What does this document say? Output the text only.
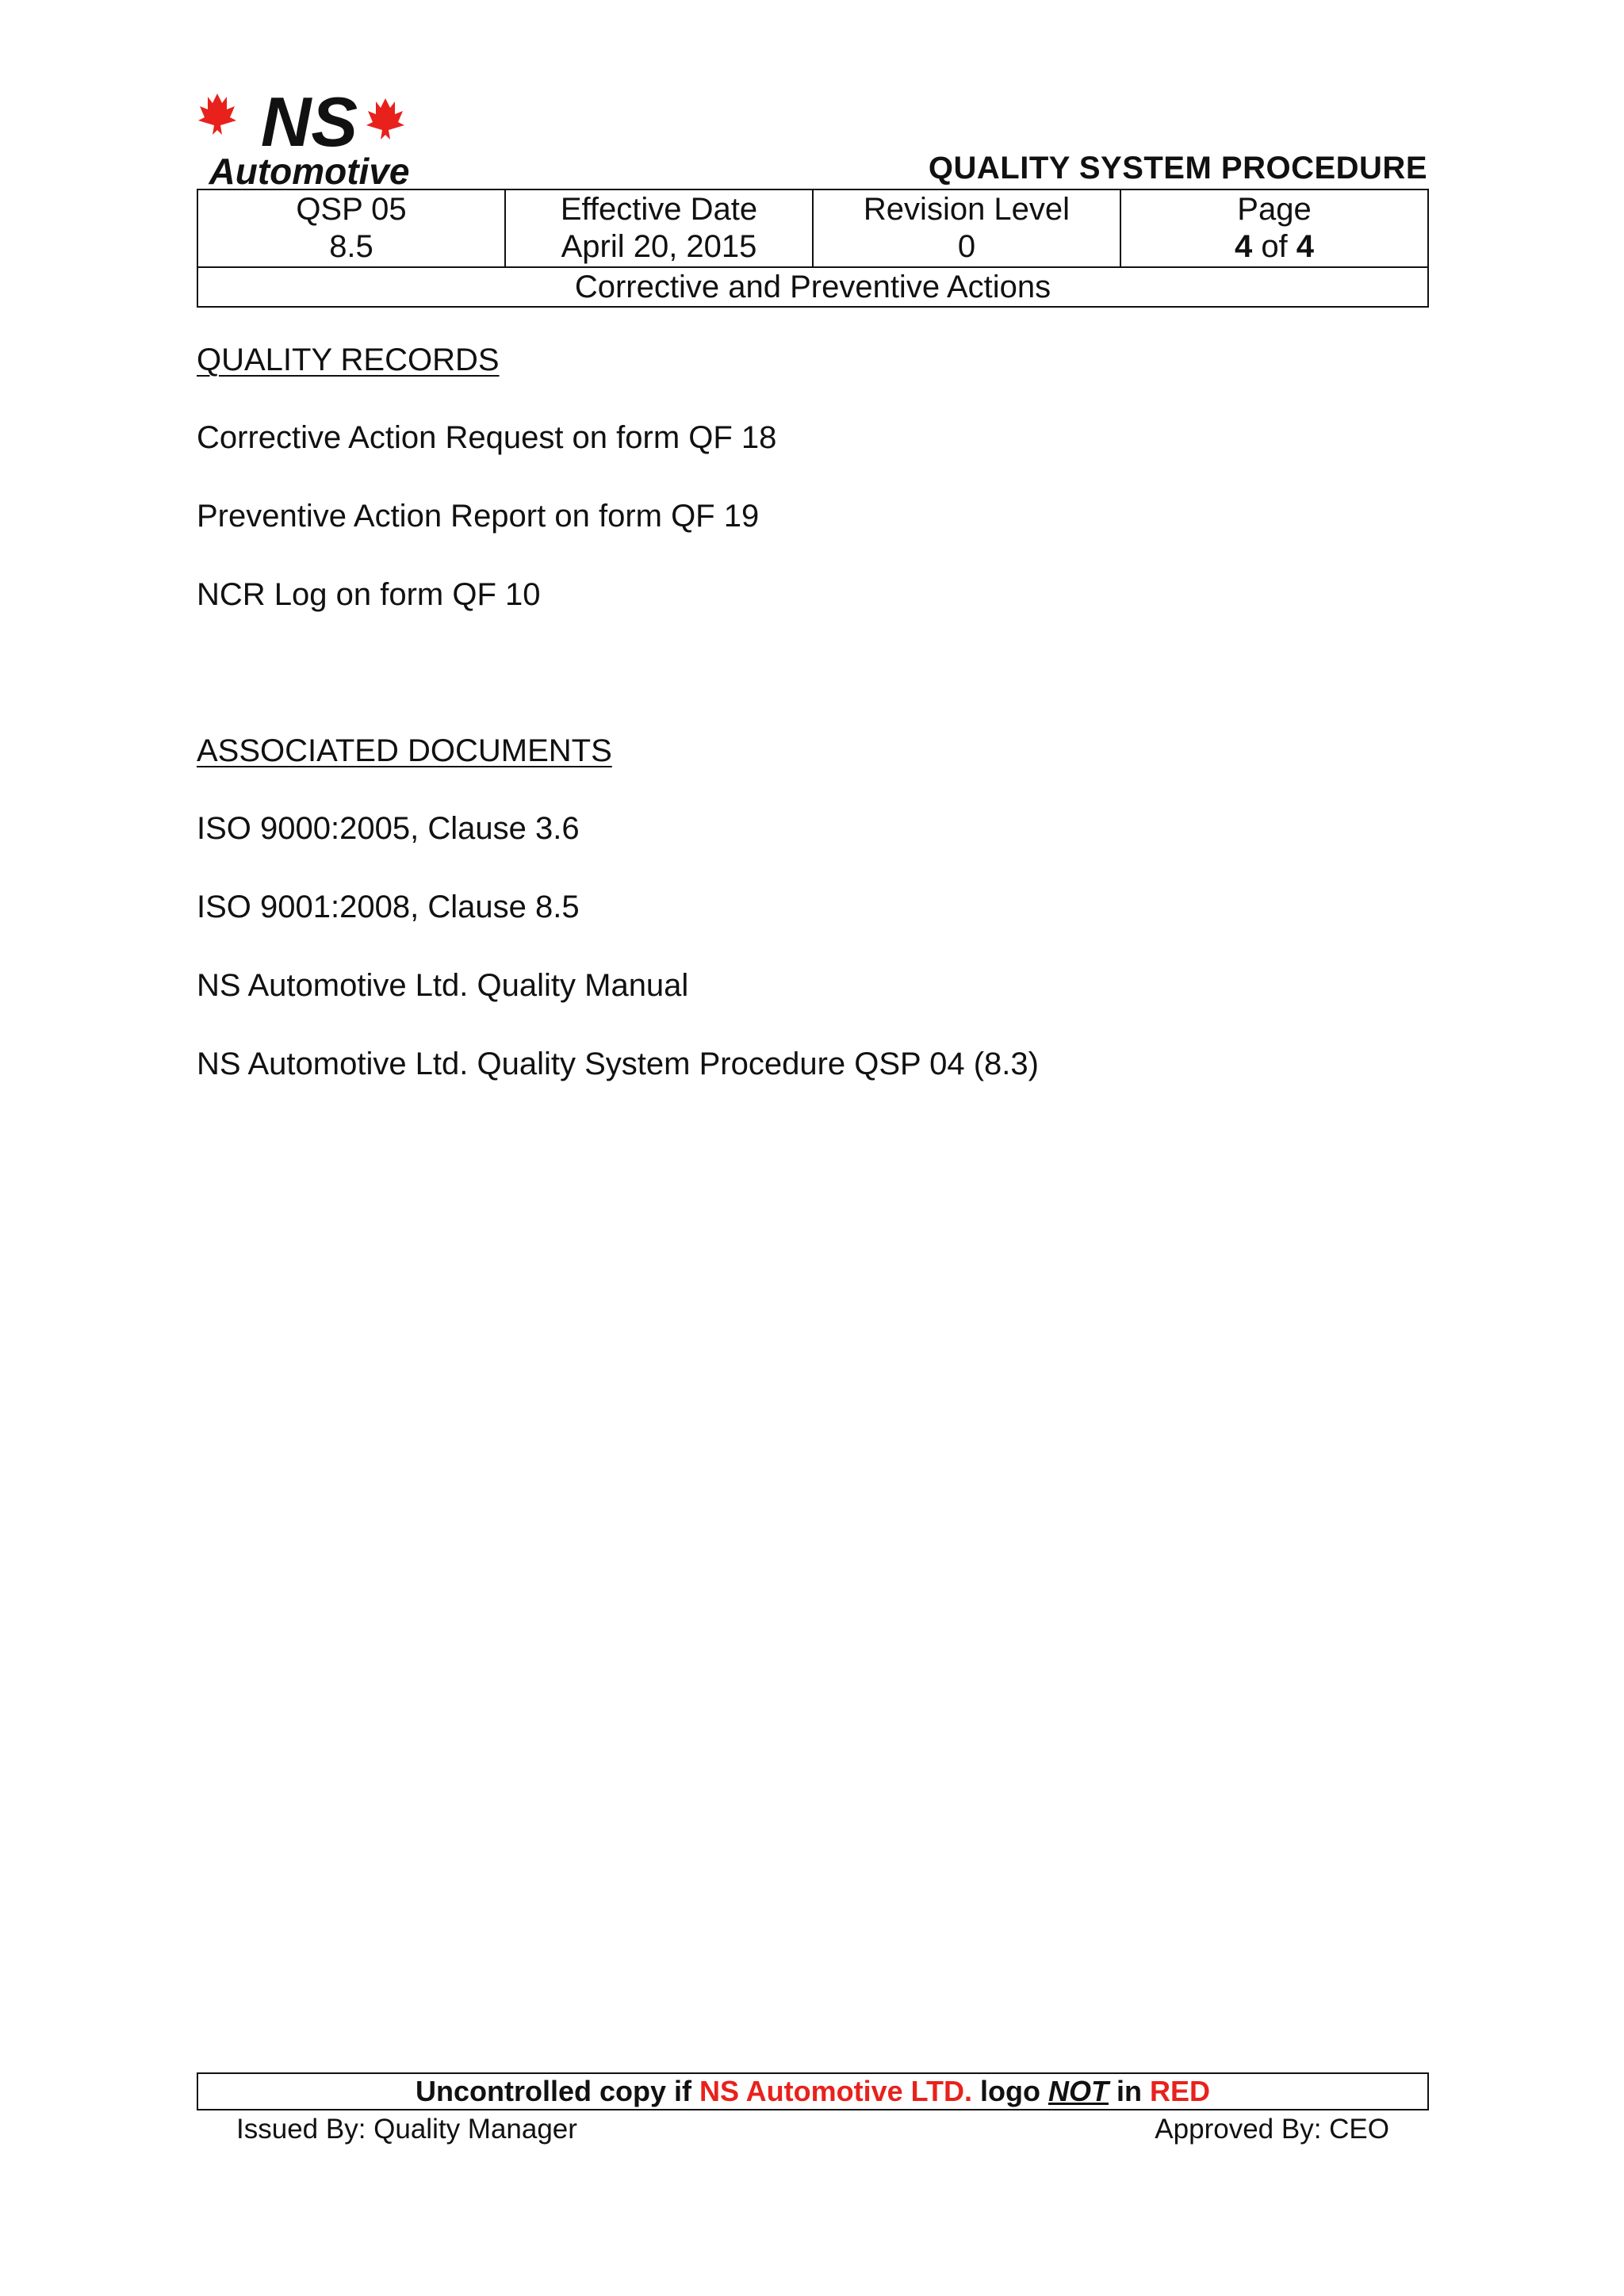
NS
Automotive	QUALITY SYSTEM PROCEDURE
QSP 05
8.5

Effective Date
April 20, 2015

Revision Level
0

Page
4 of 4

Corrective and Preventive Actions
QUALITY RECORDS
Corrective Action Request on form QF 18
Preventive Action Report on form QF 19
NCR Log on form QF 10
ASSOCIATED DOCUMENTS
ISO 9000:2005, Clause 3.6
ISO 9001:2008, Clause 8.5
NS Automotive Ltd. Quality Manual
NS Automotive Ltd. Quality System Procedure QSP 04 (8.3)
Uncontrolled copy if NS Automotive LTD. logo NOT in RED
Issued By: Quality Manager	Approved By: CEO
